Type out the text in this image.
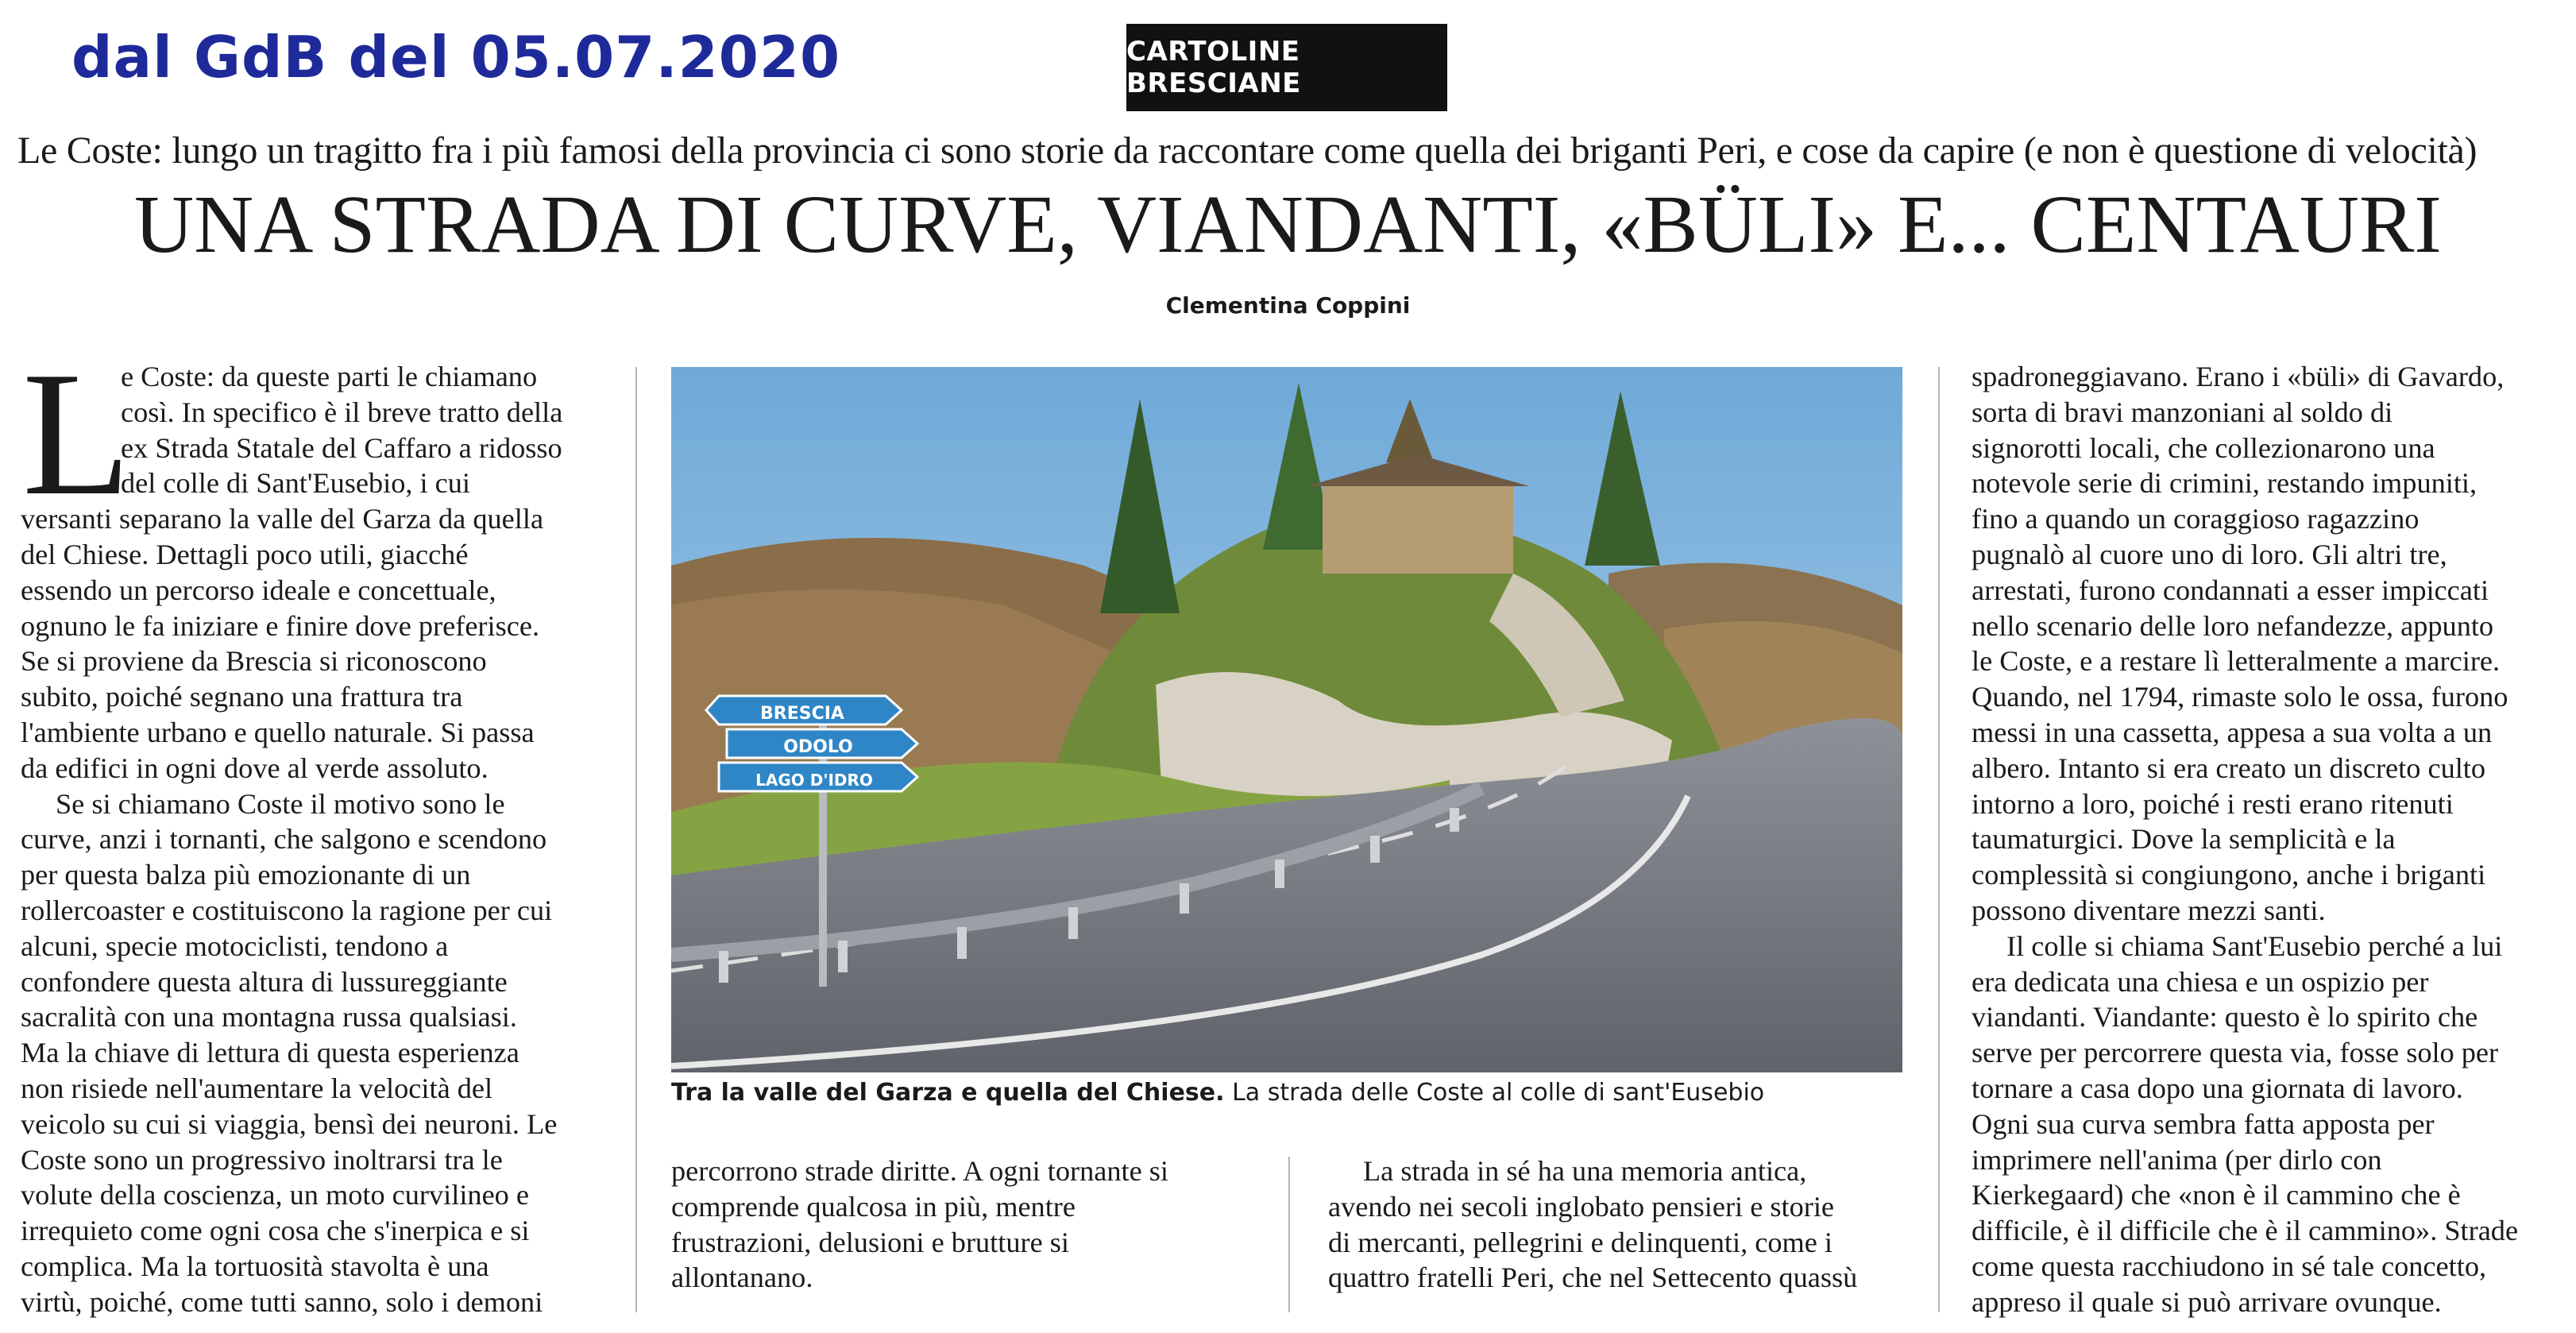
dal GdB del 05.07.2020	CARTOLINE BRESCIANE
Le Coste: lungo un tragitto fra i più famosi della provincia ci sono storie da raccontare come quella dei briganti Peri, e cose da capire (e non è questione di velocità)
UNA STRADA DI CURVE, VIANDANTI, «BÜLI» E... CENTAURI
Clementina Coppini
L
e Coste: da queste parti le chiamano
così. In specifico è il breve tratto della
ex Strada Statale del Caffaro a ridosso
del colle di Sant'Eusebio, i cui
versanti separano la valle del Garza da quella
del Chiese. Dettagli poco utili, giacché
essendo un percorso ideale e concettuale,
ognuno le fa iniziare e finire dove preferisce.
Se si proviene da Brescia si riconoscono
subito, poiché segnano una frattura tra
l'ambiente urbano e quello naturale. Si passa
da edifici in ogni dove al verde assoluto.
Se si chiamano Coste il motivo sono le
curve, anzi i tornanti, che salgono e scendono
per questa balza più emozionante di un
rollercoaster e costituiscono la ragione per cui
alcuni, specie motociclisti, tendono a
confondere questa altura di lussureggiante
sacralità con una montagna russa qualsiasi.
Ma la chiave di lettura di questa esperienza
non risiede nell'aumentare la velocità del
veicolo su cui si viaggia, bensì dei neuroni. Le
Coste sono un progressivo inoltrarsi tra le
volute della coscienza, un moto curvilineo e
irrequieto come ogni cosa che s'inerpica e si
complica. Ma la tortuosità stavolta è una
virtù, poiché, come tutti sanno, solo i demoni
BRESCIA
ODOLO
LAGO D'IDRO
Tra la valle del Garza e quella del Chiese. La strada delle Coste al colle di sant'Eusebio
percorrono strade diritte. A ogni tornante si
comprende qualcosa in più, mentre
frustrazioni, delusioni e brutture si
allontanano.
La strada in sé ha una memoria antica,
avendo nei secoli inglobato pensieri e storie
di mercanti, pellegrini e delinquenti, come i
quattro fratelli Peri, che nel Settecento quassù
spadroneggiavano. Erano i «büli» di Gavardo,
sorta di bravi manzoniani al soldo di
signorotti locali, che collezionarono una
notevole serie di crimini, restando impuniti,
fino a quando un coraggioso ragazzino
pugnalò al cuore uno di loro. Gli altri tre,
arrestati, furono condannati a esser impiccati
nello scenario delle loro nefandezze, appunto
le Coste, e a restare lì letteralmente a marcire.
Quando, nel 1794, rimaste solo le ossa, furono
messi in una cassetta, appesa a sua volta a un
albero. Intanto si era creato un discreto culto
intorno a loro, poiché i resti erano ritenuti
taumaturgici. Dove la semplicità e la
complessità si congiungono, anche i briganti
possono diventare mezzi santi.
Il colle si chiama Sant'Eusebio perché a lui
era dedicata una chiesa e un ospizio per
viandanti. Viandante: questo è lo spirito che
serve per percorrere questa via, fosse solo per
tornare a casa dopo una giornata di lavoro.
Ogni sua curva sembra fatta apposta per
imprimere nell'anima (per dirlo con
Kierkegaard) che «non è il cammino che è
difficile, è il difficile che è il cammino». Strade
come questa racchiudono in sé tale concetto,
appreso il quale si può arrivare ovunque.
